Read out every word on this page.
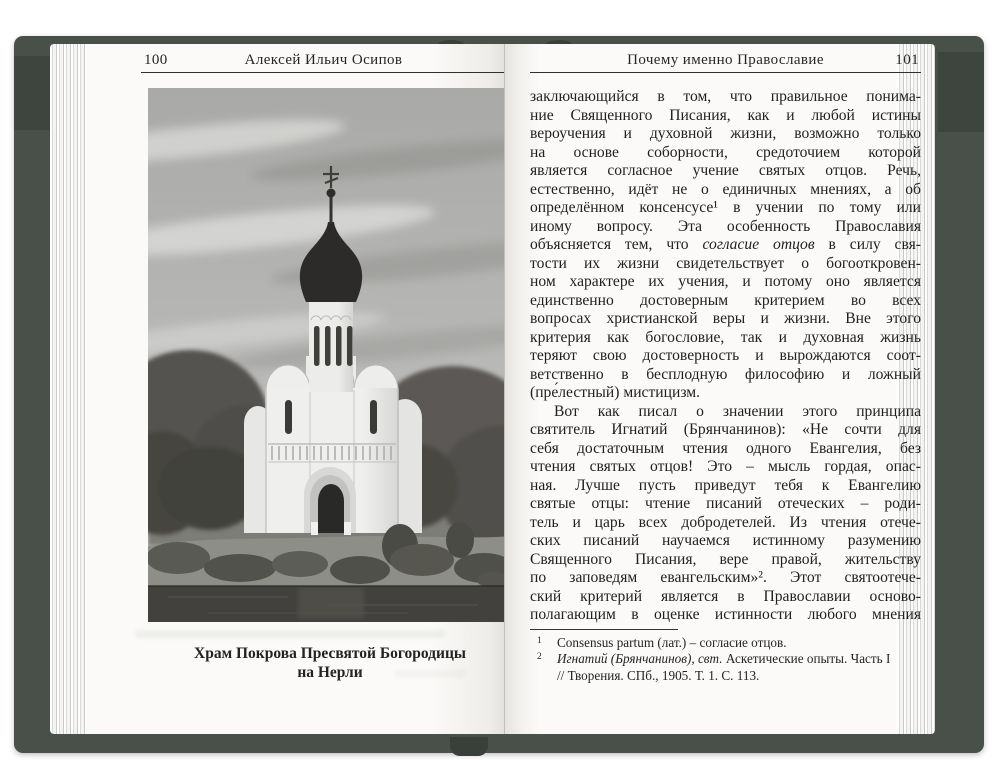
100	Алексей Ильич Осипов
Храм Покрова Пресвятой Богородицы
на Нерли
Почему именно Православие	101
заключающийся в том, что правильное понима-
ние Священного Писания, как и любой истины
вероучения и духовной жизни, возможно только
на основе соборности, средоточием которой
является согласное учение святых отцов. Речь,
естественно, идёт не о единичных мнениях, а об
определённом консенсусе¹ в учении по тому или
иному вопросу. Эта особенность Православия
объясняется тем, что согласие отцов в силу свя-
тости их жизни свидетельствует о богооткровен-
ном характере их учения, и потому оно является
единственно достоверным критерием во всех
вопросах христианской веры и жизни. Вне этого
критерия как богословие, так и духовная жизнь
теряют свою достоверность и вырождаются соот-
ветственно в бесплодную философию и ложный
(пре́лестный) мистицизм.
Вот как писал о значении этого принципа
святитель Игнатий (Брянчанинов): «Не сочти для
себя достаточным чтения одного Евангелия, без
чтения святых отцов! Это – мысль гордая, опас-
ная. Лучше пусть приведут тебя к Евангелию
святые отцы: чтение писаний отеческих – роди-
тель и царь всех добродетелей. Из чтения отече-
ских писаний научаемся истинному разумению
Священного Писания, вере правой, жительству
по заповедям евангельским»². Этот святоотече-
ский критерий является в Православии осново-
полагающим в оценке истинности любого мнения
1 Consensus partum (лат.) – согласие отцов.
2 Игнатий (Брянчанинов), свт. Аскетические опыты. Часть I
// Творения. СПб., 1905. Т. 1. С. 113.
